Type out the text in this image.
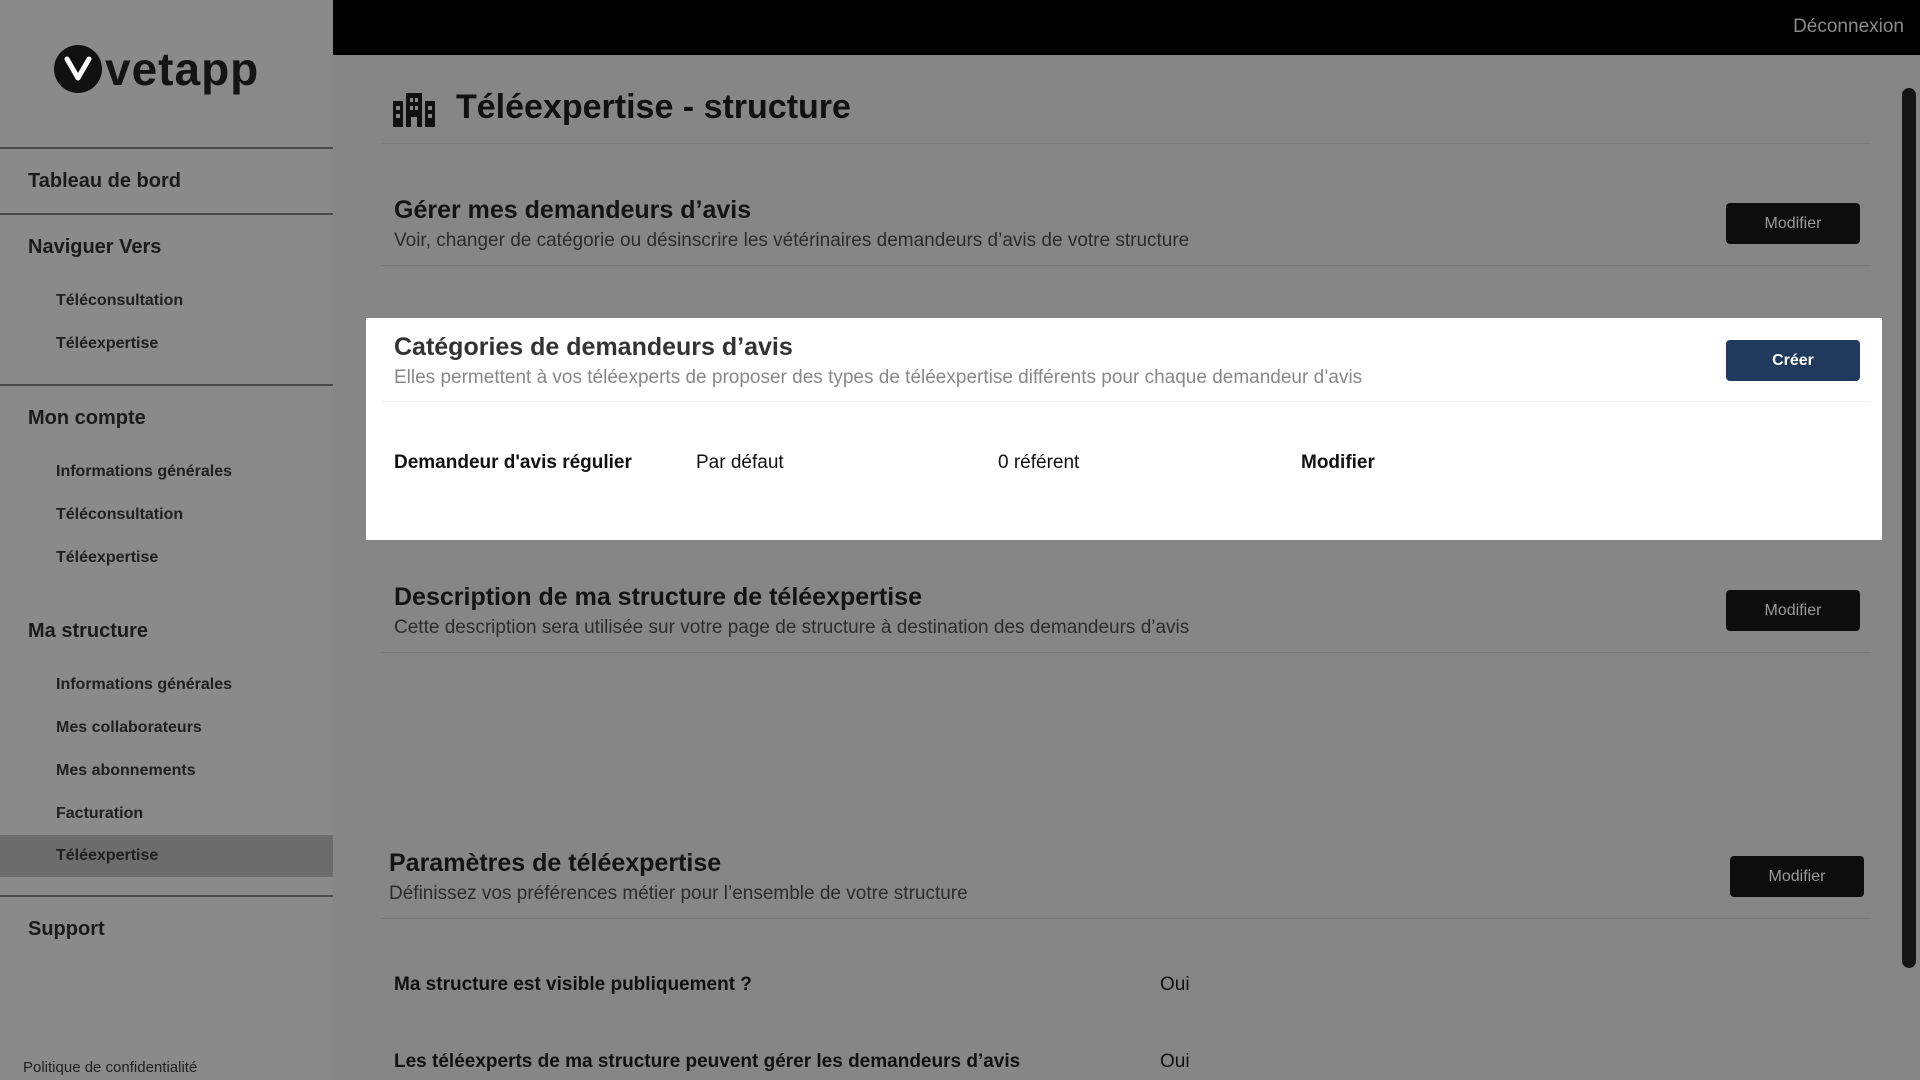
vetapp
Tableau de bord
Naviguer Vers
Téléconsultation
Téléexpertise
Mon compte
Informations générales
Téléconsultation
Téléexpertise
Ma structure
Informations générales
Mes collaborateurs
Mes abonnements
Facturation
Téléexpertise
Support
Politique de confidentialité
Déconnexion
Téléexpertise - structure
Gérer mes demandeurs d’avis

Voir, changer de catégorie ou désinscrire les vétérinaires demandeurs d’avis de votre structure

Modifier
Catégories de demandeurs d’avis

Elles permettent à vos téléexperts de proposer des types de téléexpertise différents pour chaque demandeur d’avis

Créer
Demandeur d'avis régulier	Par défaut	0 référent	Modifier
Description de ma structure de téléexpertise

Cette description sera utilisée sur votre page de structure à destination des demandeurs d’avis

Modifier
Paramètres de téléexpertise

Définissez vos préférences métier pour l’ensemble de votre structure

Modifier
Ma structure est visible publiquement ?	Oui
Les téléexperts de ma structure peuvent gérer les demandeurs d’avis	Oui
